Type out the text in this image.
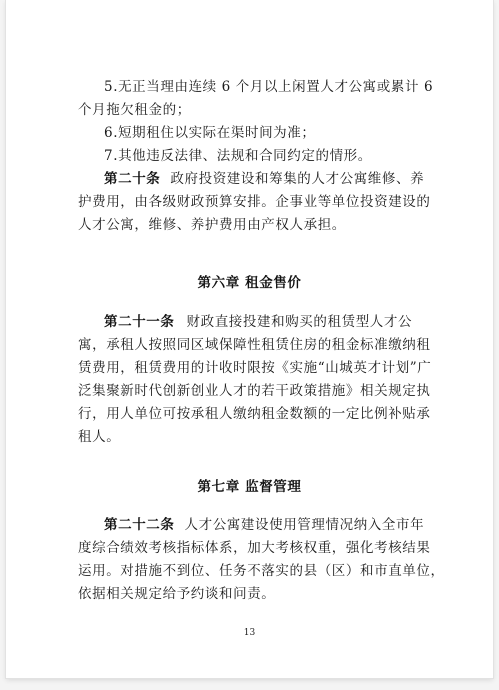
5.无正当理由连续 6 个月以上闲置人才公寓或累计 6
个月拖欠租金的；
6.短期租住以实际在渠时间为准；
7.其他违反法律、法规和合同约定的情形。
第二十条 政府投资建设和筹集的人才公寓维修、养
护费用，由各级财政预算安排。企事业等单位投资建设的
人才公寓，维修、养护费用由产权人承担。
第六章 租金售价
第二十一条 财政直接投建和购买的租赁型人才公
寓，承租人按照同区域保障性租赁住房的租金标准缴纳租
赁费用，租赁费用的计收时限按《实施“山城英才计划”广
泛集聚新时代创新创业人才的若干政策措施》相关规定执
行，用人单位可按承租人缴纳租金数额的一定比例补贴承
租人。
第七章 监督管理
第二十二条 人才公寓建设使用管理情况纳入全市年
度综合绩效考核指标体系，加大考核权重，强化考核结果
运用。对措施不到位、任务不落实的县（区）和市直单位，
依据相关规定给予约谈和问责。
13
